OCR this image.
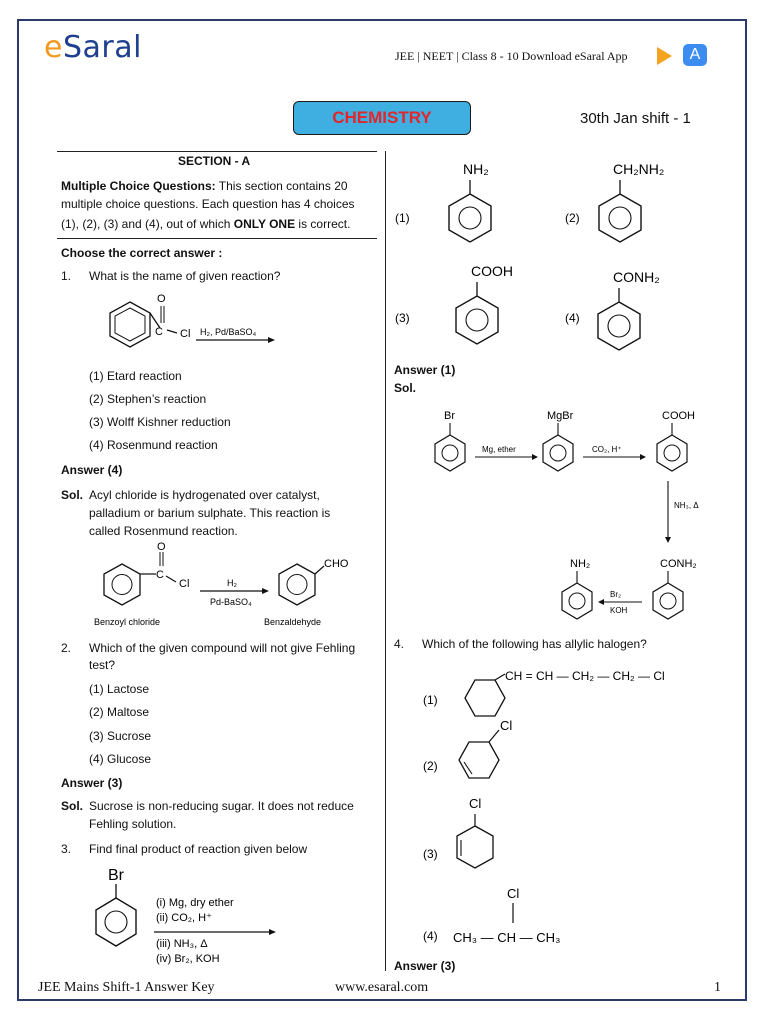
eSaral	JEE | NEET | Class 8 - 10 Download eSaral App	A
CHEMISTRY	30th Jan shift - 1
SECTION - A
Multiple Choice Questions: This section contains 20
multiple choice questions. Each question has 4 choices
(1), (2), (3) and (4), out of which ONLY ONE is correct.
Choose the correct answer :
1. What is the name of given reaction?
C
O
Cl H₂, Pd/BaSO₄
(1) Etard reaction
(2) Stephen’s reaction
(3) Wolff Kishner reduction
(4) Rosenmund reaction
Answer (4)
Sol. Acyl chloride is hydrogenated over catalyst,
palladium or barium sulphate. This reaction is
called Rosenmund reaction.
C
O
Cl	H₂
Pd-BaSO₄
CHO
Benzoyl chloride	Benzaldehyde
2. Which of the given compound will not give Fehling
test?
(1) Lactose
(2) Maltose
(3) Sucrose
(4) Glucose
Answer (3)
Sol. Sucrose is non-reducing sugar. It does not reduce
Fehling solution.
3. Find final product of reaction given below
Br
(i) Mg, dry ether
(ii) CO₂, H⁺
(iii) NH₃, Δ
(iv) Br₂, KOH
(1)
NH₂
(2)
CH₂NH₂
(3)
COOH
(4)
CONH₂
Answer (1)
Sol.
Br
Mg, ether
MgBr
CO₂, H⁺
COOH
NH₃, Δ
CONH₂
Br₂
KOH
NH₂
4. Which of the following has allylic halogen?
(1)
CH = CH — CH₂ — CH₂ — Cl
(2)
Cl
(3)
Cl
(4)
Cl
CH₃ — CH — CH₃
Answer (3)
JEE Mains Shift-1 Answer Key	www.esaral.com	1
